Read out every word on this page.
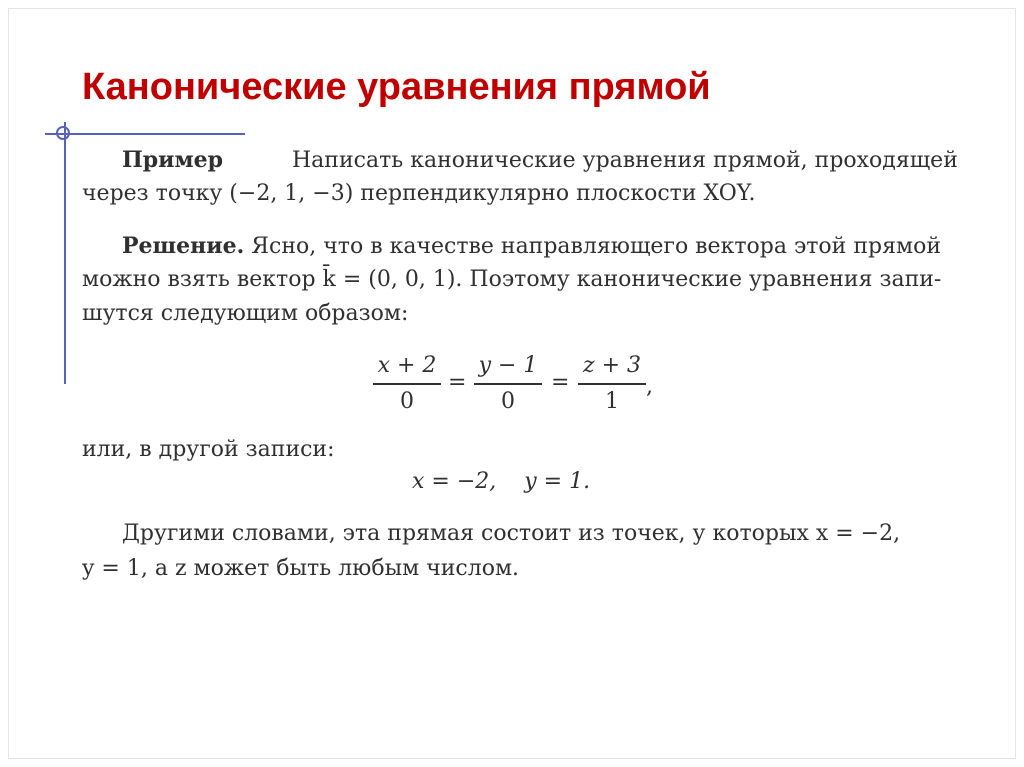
Канонические уравнения прямой
Пример	Написать канонические уравнения прямой, проходящей
через точку (−2, 1, −3) перпендикулярно плоскости XOY.
Решение. Ясно, что в качестве направляющего вектора этой прямой
можно взять вектор k̄ = (0, 0, 1). Поэтому канонические уравнения запи-
шутся следующим образом:
x + 2
0
=
y − 1
0
=
z + 3
1
,
или, в другой записи:
x = −2,    y = 1.
Другими словами, эта прямая состоит из точек, у которых x = −2,
y = 1, а z может быть любым числом.
